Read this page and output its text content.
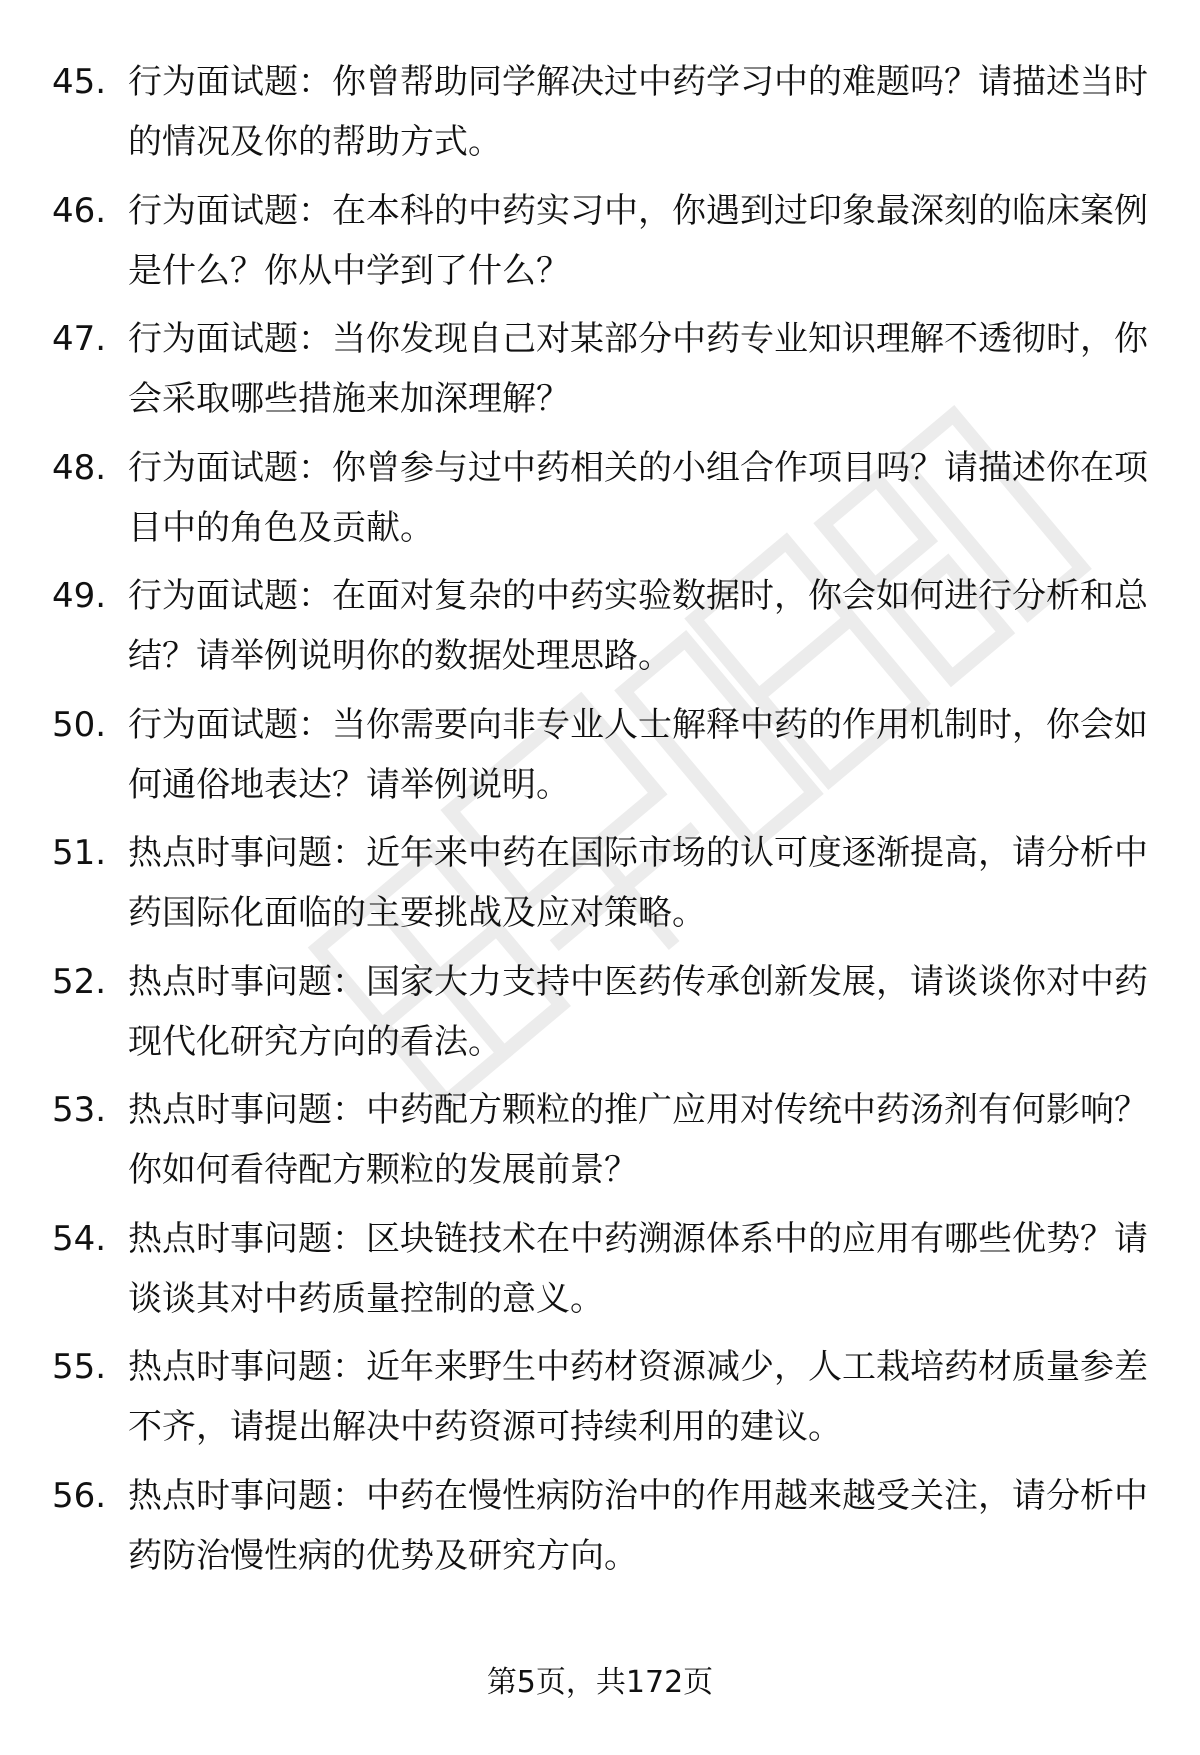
45. 行为面试题：你曾帮助同学解决过中药学习中的难题吗？请描述当时的情况及你的帮助方式。
46. 行为面试题：在本科的中药实习中，你遇到过印象最深刻的临床案例是什么？你从中学到了什么？
47. 行为面试题：当你发现自己对某部分中药专业知识理解不透彻时，你会采取哪些措施来加深理解？
48. 行为面试题：你曾参与过中药相关的小组合作项目吗？请描述你在项目中的角色及贡献。
49. 行为面试题：在面对复杂的中药实验数据时，你会如何进行分析和总结？请举例说明你的数据处理思路。
50. 行为面试题：当你需要向非专业人士解释中药的作用机制时，你会如何通俗地表达？请举例说明。
51. 热点时事问题：近年来中药在国际市场的认可度逐渐提高，请分析中药国际化面临的主要挑战及应对策略。
52. 热点时事问题：国家大力支持中医药传承创新发展，请谈谈你对中药现代化研究方向的看法。
53. 热点时事问题：中药配方颗粒的推广应用对传统中药汤剂有何影响？你如何看待配方颗粒的发展前景？
54. 热点时事问题：区块链技术在中药溯源体系中的应用有哪些优势？请谈谈其对中药质量控制的意义。
55. 热点时事问题：近年来野生中药材资源减少，人工栽培药材质量参差不齐，请提出解决中药资源可持续利用的建议。
56. 热点时事问题：中药在慢性病防治中的作用越来越受关注，请分析中药防治慢性病的优势及研究方向。
第5页，共172页
